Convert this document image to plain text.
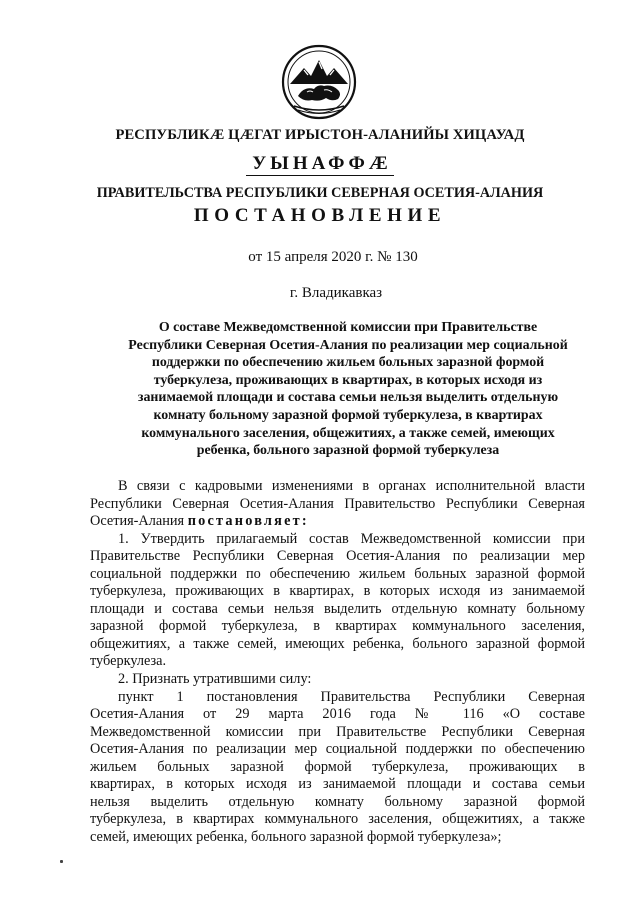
РЕСПУБЛИКӔ ЦӔГАТ ИРЫСТОН-АЛАНИЙЫ ХИЦАУАД
УЫНАФФӔ
ПРАВИТЕЛЬСТВА РЕСПУБЛИКИ СЕВЕРНАЯ ОСЕТИЯ-АЛАНИЯ
ПОСТАНОВЛЕНИЕ
от 15 апреля 2020 г. № 130
г. Владикавказ
О составе Межведомственной комиссии при Правительстве
Республики Северная Осетия-Алания по реализации мер социальной
поддержки по обеспечению жильем больных заразной формой
туберкулеза, проживающих в квартирах, в которых исходя из
занимаемой площади и состава семьи нельзя выделить отдельную
комнату больному заразной формой туберкулеза, в квартирах
коммунального заселения, общежитиях, а также семей, имеющих
ребенка, больного заразной формой туберкулеза
В связи с кадровыми изменениями в органах исполнительной власти
Республики Северная Осетия-Алания Правительство Республики Северная
Осетия-Алания постановляет:
1. Утвердить прилагаемый состав Межведомственной комиссии при
Правительстве Республики Северная Осетия-Алания по реализации мер
социальной поддержки по обеспечению жильем больных заразной формой
туберкулеза, проживающих в квартирах, в которых исходя из занимаемой
площади и состава семьи нельзя выделить отдельную комнату больному
заразной формой туберкулеза, в квартирах коммунального заселения,
общежитиях, а также семей, имеющих ребенка, больного заразной формой
туберкулеза.
2. Признать утратившими силу:
пункт 1 постановления Правительства Республики Северная
Осетия-Алания от 29 марта 2016 года № 116 «О составе
Межведомственной комиссии при Правительстве Республики Северная
Осетия-Алания по реализации мер социальной поддержки по обеспечению
жильем больных заразной формой туберкулеза, проживающих в
квартирах, в которых исходя из занимаемой площади и состава семьи
нельзя выделить отдельную комнату больному заразной формой
туберкулеза, в квартирах коммунального заселения, общежитиях, а также
семей, имеющих ребенка, больного заразной формой туберкулеза»;
